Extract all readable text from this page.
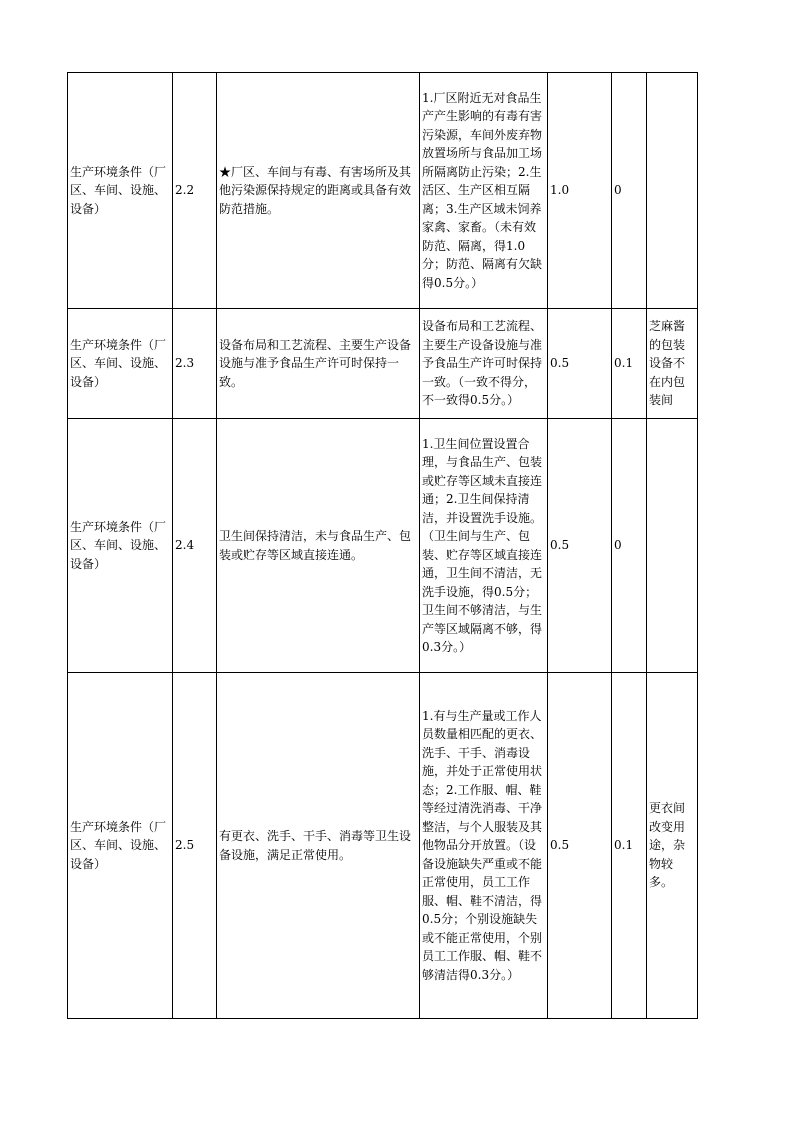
生产环境条件（厂区、车间、设施、设备）	2.2	★厂区、车间与有毒、有害场所及其他污染源保持规定的距离或具备有效防范措施。	1.厂区附近无对食品生产产生影响的有毒有害污染源，车间外废弃物放置场所与食品加工场所隔离防止污染；2.生活区、生产区相互隔离；3.生产区域未饲养家禽、家畜。（未有效防范、隔离，得1.0分；防范、隔离有欠缺得0.5分。）	1.0	0	
生产环境条件（厂区、车间、设施、设备）	2.3	设备布局和工艺流程、主要生产设备设施与准予食品生产许可时保持一致。	设备布局和工艺流程、主要生产设备设施与准予食品生产许可时保持一致。（一致不得分，不一致得0.5分。）	0.5	0.1	芝麻酱的包装设备不在内包装间
生产环境条件（厂区、车间、设施、设备）	2.4	卫生间保持清洁，未与食品生产、包装或贮存等区域直接连通。	1.卫生间位置设置合理，与食品生产、包装或贮存等区域未直接连通；2.卫生间保持清洁，并设置洗手设施。（卫生间与生产、包装、贮存等区域直接连通，卫生间不清洁，无洗手设施，得0.5分；卫生间不够清洁，与生产等区域隔离不够，得0.3分。）	0.5	0	
生产环境条件（厂区、车间、设施、设备）	2.5	有更衣、洗手、干手、消毒等卫生设备设施，满足正常使用。	1.有与生产量或工作人员数量相匹配的更衣、洗手、干手、消毒设施，并处于正常使用状态；2.工作服、帽、鞋等经过清洗消毒、干净整洁，与个人服装及其他物品分开放置。（设备设施缺失严重或不能正常使用，员工工作服、帽、鞋不清洁，得0.5分；个别设施缺失或不能正常使用，个别员工工作服、帽、鞋不够清洁得0.3分。）	0.5	0.1	更衣间改变用途，杂物较多。
